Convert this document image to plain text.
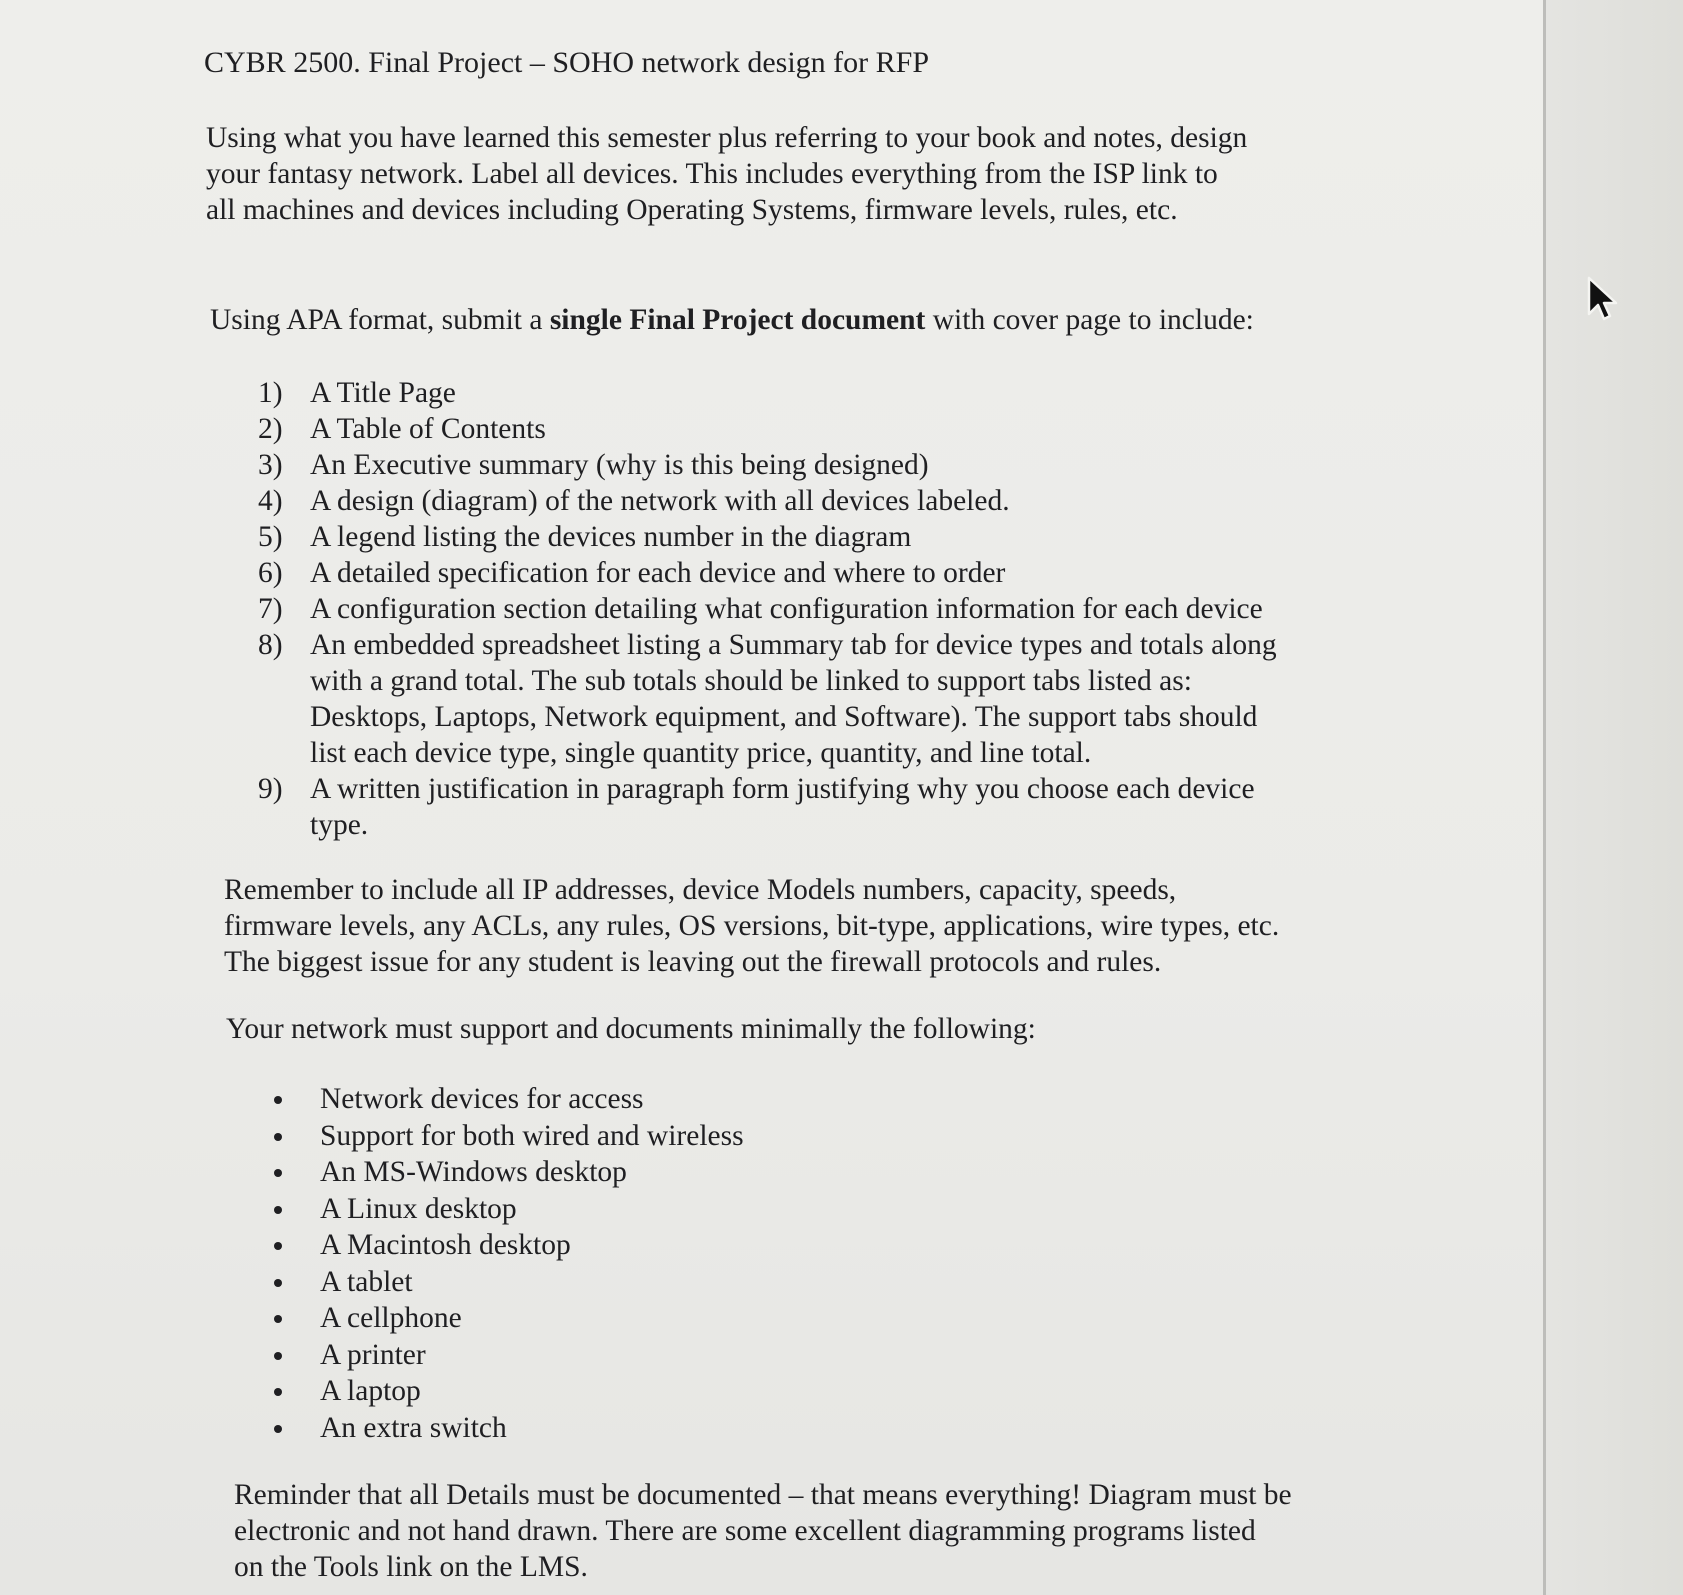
CYBR 2500. Final Project – SOHO network design for RFP
Using what you have learned this semester plus referring to your book and notes, design
your fantasy network. Label all devices. This includes everything from the ISP link to
all machines and devices including Operating Systems, firmware levels, rules, etc.
Using APA format, submit a single Final Project document with cover page to include:
1) A Title Page
2) A Table of Contents
3) An Executive summary (why is this being designed)
4) A design (diagram) of the network with all devices labeled.
5) A legend listing the devices number in the diagram
6) A detailed specification for each device and where to order
7) A configuration section detailing what configuration information for each device
8) An embedded spreadsheet listing a Summary tab for device types and totals along
with a grand total. The sub totals should be linked to support tabs listed as:
Desktops, Laptops, Network equipment, and Software). The support tabs should
list each device type, single quantity price, quantity, and line total.
9) A written justification in paragraph form justifying why you choose each device
type.
Remember to include all IP addresses, device Models numbers, capacity, speeds,
firmware levels, any ACLs, any rules, OS versions, bit-type, applications, wire types, etc.
The biggest issue for any student is leaving out the firewall protocols and rules.
Your network must support and documents minimally the following:
Network devices for access
Support for both wired and wireless
An MS-Windows desktop
A Linux desktop
A Macintosh desktop
A tablet
A cellphone
A printer
A laptop
An extra switch
Reminder that all Details must be documented – that means everything! Diagram must be
electronic and not hand drawn. There are some excellent diagramming programs listed
on the Tools link on the LMS.
